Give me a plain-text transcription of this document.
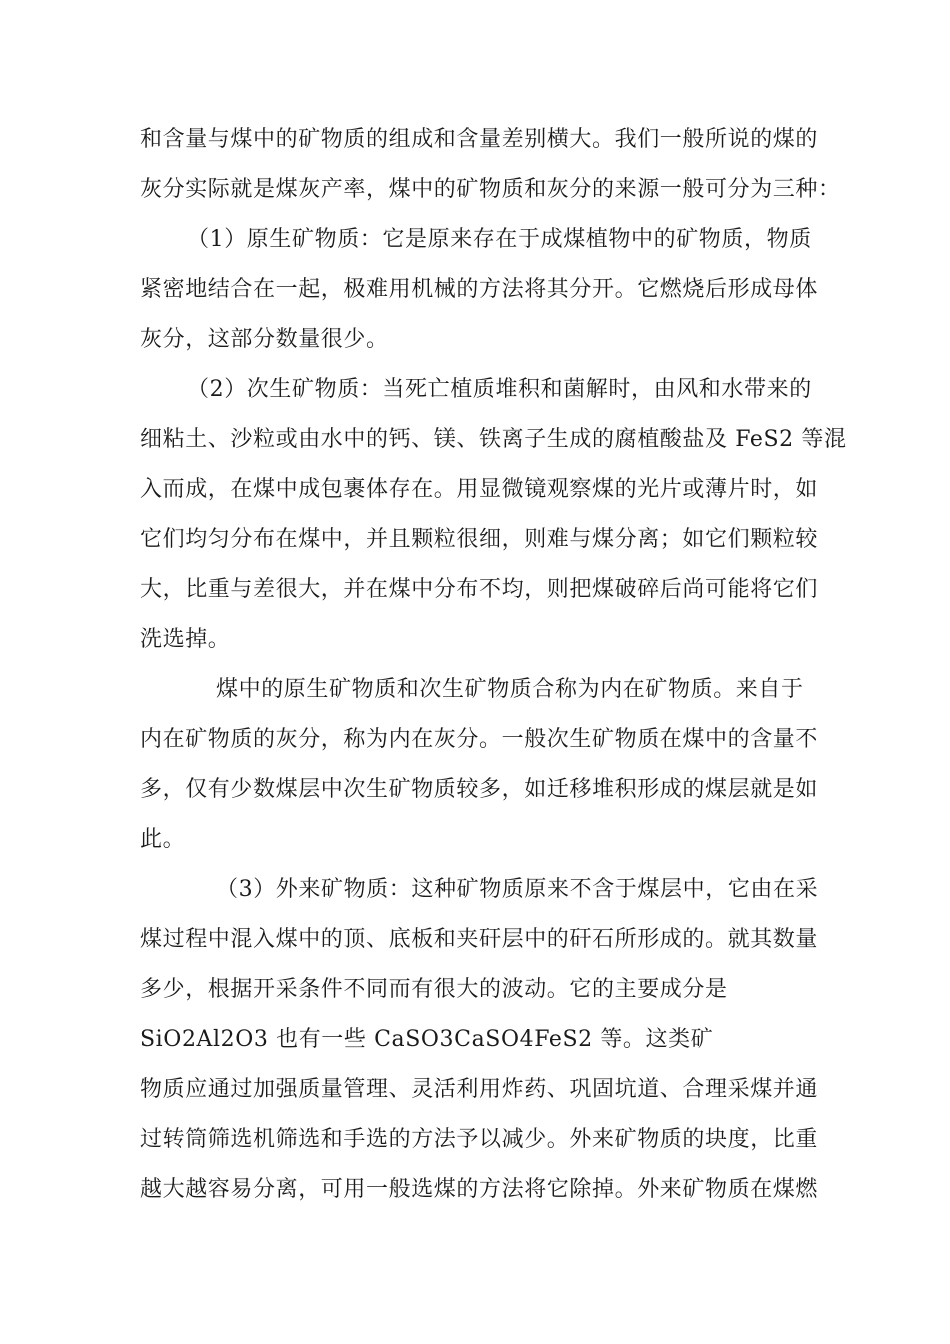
和含量与煤中的矿物质的组成和含量差别横大。我们一般所说的煤的
灰分实际就是煤灰产率，煤中的矿物质和灰分的来源一般可分为三种：
（1）原生矿物质：它是原来存在于成煤植物中的矿物质，物质
紧密地结合在一起，极难用机械的方法将其分开。它燃烧后形成母体
灰分，这部分数量很少。
（2）次生矿物质：当死亡植质堆积和菌解时，由风和水带来的
细粘土、沙粒或由水中的钙、镁、铁离子生成的腐植酸盐及 FeS2 等混
入而成，在煤中成包裹体存在。用显微镜观察煤的光片或薄片时，如
它们均匀分布在煤中，并且颗粒很细，则难与煤分离；如它们颗粒较
大，比重与差很大，并在煤中分布不均，则把煤破碎后尚可能将它们
洗选掉。
煤中的原生矿物质和次生矿物质合称为内在矿物质。来自于
内在矿物质的灰分，称为内在灰分。一般次生矿物质在煤中的含量不
多，仅有少数煤层中次生矿物质较多，如迁移堆积形成的煤层就是如
此。
（3）外来矿物质：这种矿物质原来不含于煤层中，它由在采
煤过程中混入煤中的顶、底板和夹矸层中的矸石所形成的。就其数量
多少，根据开采条件不同而有很大的波动。它的主要成分是
SiO2Al2O3 也有一些 CaSO3CaSO4FeS2 等。这类矿
物质应通过加强质量管理、灵活利用炸药、巩固坑道、合理采煤并通
过转筒筛选机筛选和手选的方法予以减少。外来矿物质的块度，比重
越大越容易分离，可用一般选煤的方法将它除掉。外来矿物质在煤燃
